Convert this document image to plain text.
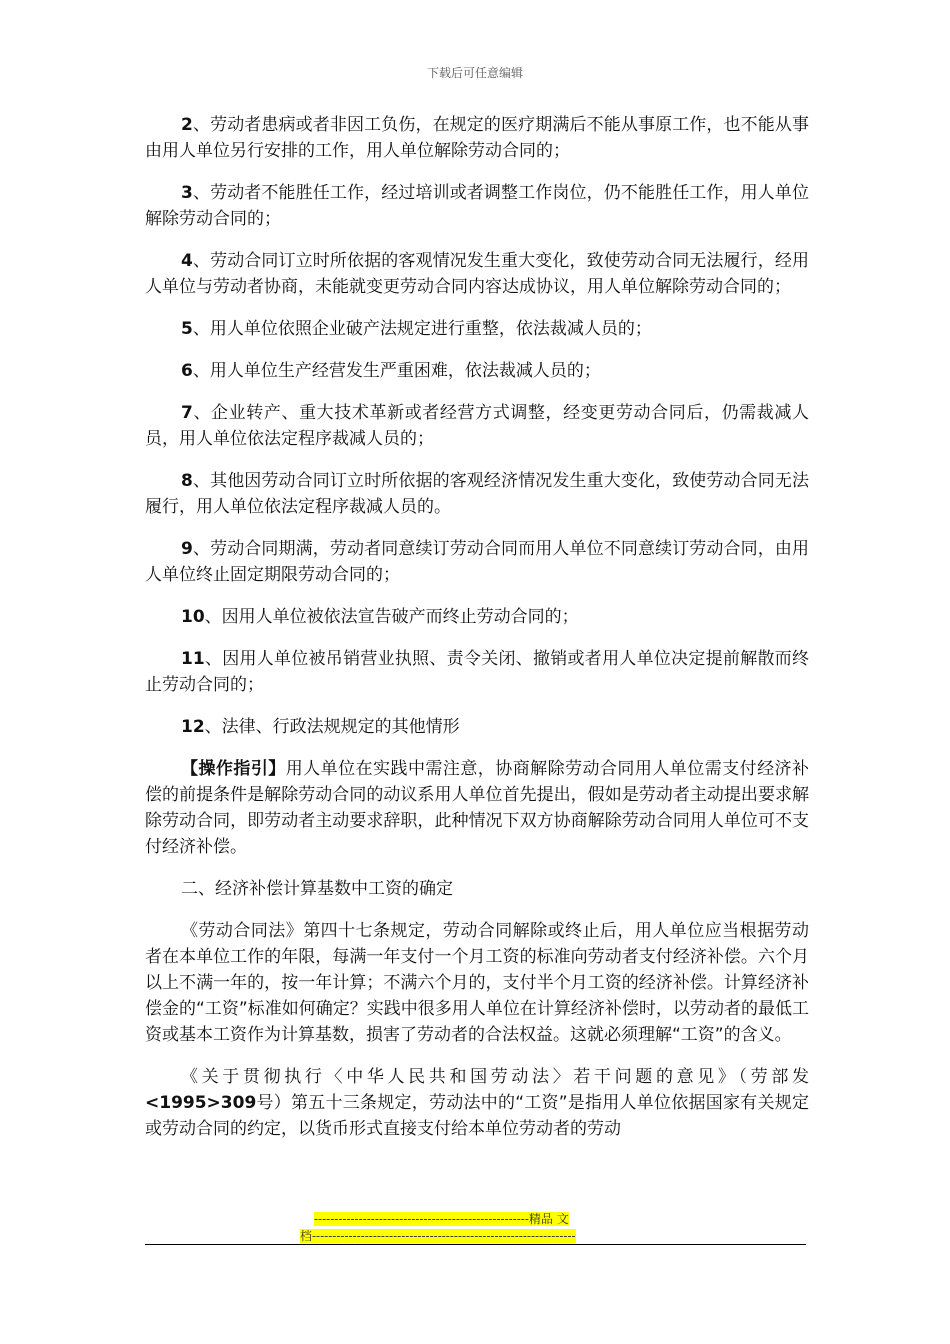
下载后可任意编辑

2、劳动者患病或者非因工负伤，在规定的医疗期满后不能从事原工作，也不能从事由用人单位另行安排的工作，用人单位解除劳动合同的；

3、劳动者不能胜任工作，经过培训或者调整工作岗位，仍不能胜任工作，用人单位解除劳动合同的；

4、劳动合同订立时所依据的客观情况发生重大变化，致使劳动合同无法履行，经用人单位与劳动者协商，未能就变更劳动合同内容达成协议，用人单位解除劳动合同的；

5、用人单位依照企业破产法规定进行重整，依法裁减人员的；

6、用人单位生产经营发生严重困难，依法裁减人员的；

7、企业转产、重大技术革新或者经营方式调整，经变更劳动合同后，仍需裁减人员，用人单位依法定程序裁减人员的；

8、其他因劳动合同订立时所依据的客观经济情况发生重大变化，致使劳动合同无法履行，用人单位依法定程序裁减人员的。

9、劳动合同期满，劳动者同意续订劳动合同而用人单位不同意续订劳动合同，由用人单位终止固定期限劳动合同的；

10、因用人单位被依法宣告破产而终止劳动合同的；

11、因用人单位被吊销营业执照、责令关闭、撤销或者用人单位决定提前解散而终止劳动合同的；

12、法律、行政法规规定的其他情形

【操作指引】用人单位在实践中需注意，协商解除劳动合同用人单位需支付经济补偿的前提条件是解除劳动合同的动议系用人单位首先提出，假如是劳动者主动提出要求解除劳动合同，即劳动者主动要求辞职，此种情况下双方协商解除劳动合同用人单位可不支付经济补偿。

二、经济补偿计算基数中工资的确定

《劳动合同法》第四十七条规定，劳动合同解除或终止后，用人单位应当根据劳动者在本单位工作的年限，每满一年支付一个月工资的标准向劳动者支付经济补偿。六个月以上不满一年的，按一年计算；不满六个月的，支付半个月工资的经济补偿。计算经济补偿金的“工资”标准如何确定？实践中很多用人单位在计算经济补偿时，以劳动者的最低工资或基本工资作为计算基数，损害了劳动者的合法权益。这就必须理解“工资”的含义。

《关于贯彻执行〈中华人民共和国劳动法〉若干问题的意见》（劳部发<1995>309号）第五十三条规定，劳动法中的“工资”是指用人单位依据国家有关规定或劳动合同的约定，以货币形式直接支付给本单位劳动者的劳动

-----------------------------------------------------精品 文
档-----------------------------------------------------------------
